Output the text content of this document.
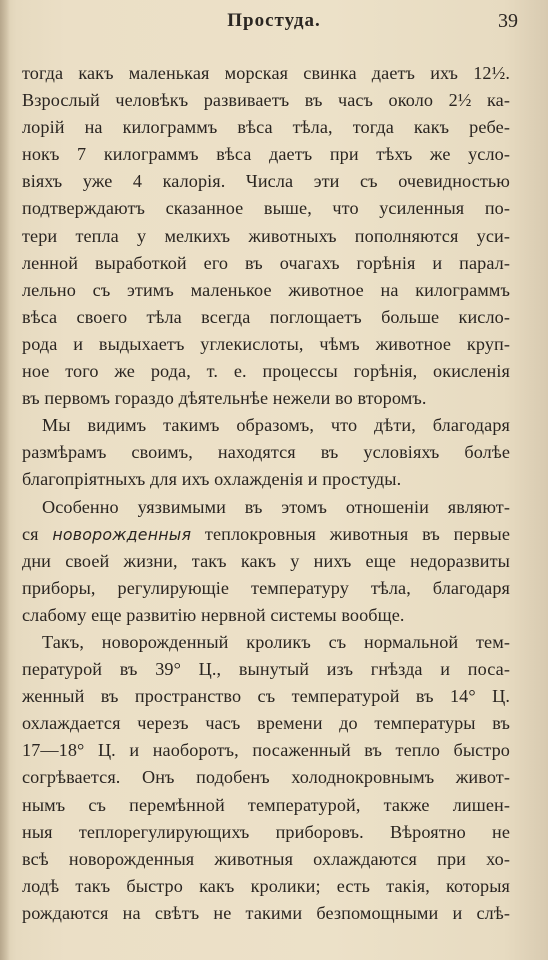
Простуда.	39
тогда какъ маленькая морская свинка даетъ ихъ 12½.
Взрослый человѣкъ развиваетъ въ часъ около 2½ ка-
лорій на килограммъ вѣса тѣла, тогда какъ ребе-
нокъ 7 килограммъ вѣса даетъ при тѣхъ же усло-
віяхъ уже 4 калорія. Числа эти съ очевидностью
подтверждаютъ сказанное выше, что усиленныя по-
тери тепла у мелкихъ животныхъ пополняются уси-
ленной выработкой его въ очагахъ горѣнія и парал-
лельно съ этимъ маленькое животное на килограммъ
вѣса своего тѣла всегда поглощаетъ больше кисло-
рода и выдыхаетъ углекислоты, чѣмъ животное круп-
ное того же рода, т. е. процессы горѣнія, окисленія
въ первомъ гораздо дѣятельнѣе нежели во второмъ.
Мы видимъ такимъ образомъ, что дѣти, благодаря
размѣрамъ своимъ, находятся въ условіяхъ болѣе
благопріятныхъ для ихъ охлажденія и простуды.
Особенно уязвимыми въ этомъ отношеніи являют-
ся новорожденныя теплокровныя животныя въ первые
дни своей жизни, такъ какъ у нихъ еще недоразвиты
приборы, регулирующіе температуру тѣла, благодаря
слабому еще развитію нервной системы вообще.
Такъ, новорожденный кроликъ съ нормальной тем-
пературой въ 39° Ц., вынутый изъ гнѣзда и поса-
женный въ пространство съ температурой въ 14° Ц.
охлаждается черезъ часъ времени до температуры въ
17—18° Ц. и наоборотъ, посаженный въ тепло быстро
согрѣвается. Онъ подобенъ холоднокровнымъ живот-
нымъ съ перемѣнной температурой, также лишен-
ныя теплорегулирующихъ приборовъ. Вѣроятно не
всѣ новорожденныя животныя охлаждаются при хо-
лодѣ такъ быстро какъ кролики; есть такія, которыя
рождаются на свѣтъ не такими безпомощными и слѣ-
